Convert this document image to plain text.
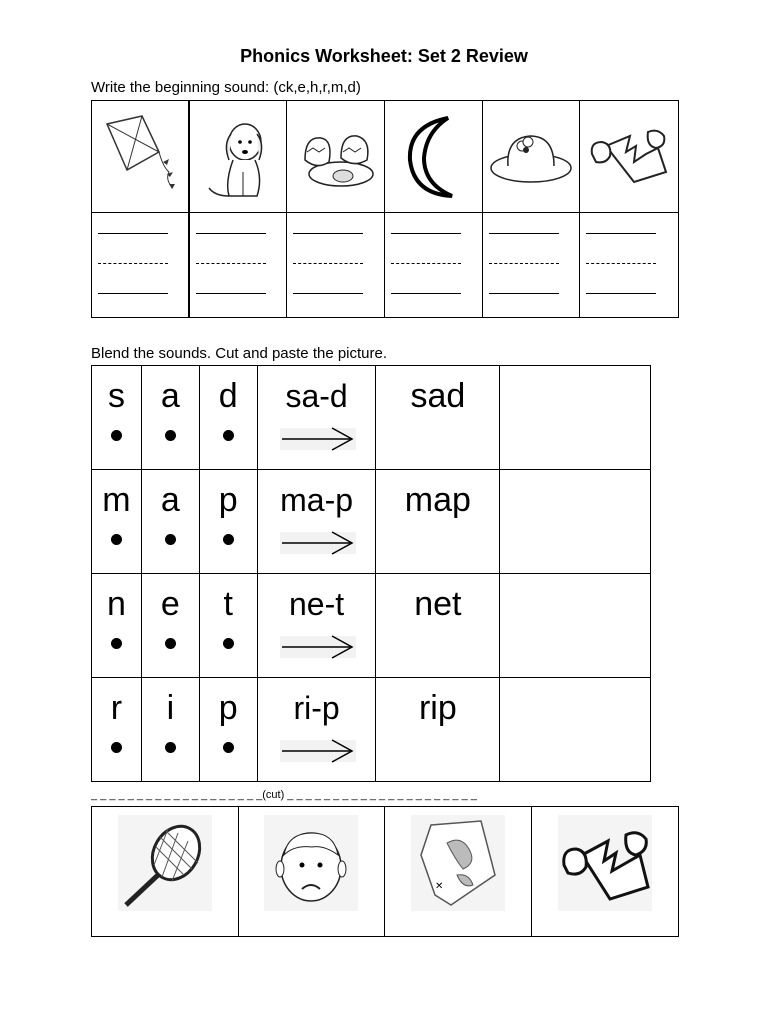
Phonics Worksheet: Set 2 Review
Write the beginning sound: (ck,e,h,r,m,d)
Blend the sounds. Cut and paste the picture.
s	a	d	sa-d	sad	

m	a	p	ma-p	map	

n	e	t	ne-t	net	

r	i	p	ri-p	rip	

_ _ _ _ _ _ _ _ _ _ _ _ _ _ _ _ _ _ _(cut) _ _ _ _ _ _ _ _ _ _ _ _ _ _ _ _ _ _ _ _ _
✕
